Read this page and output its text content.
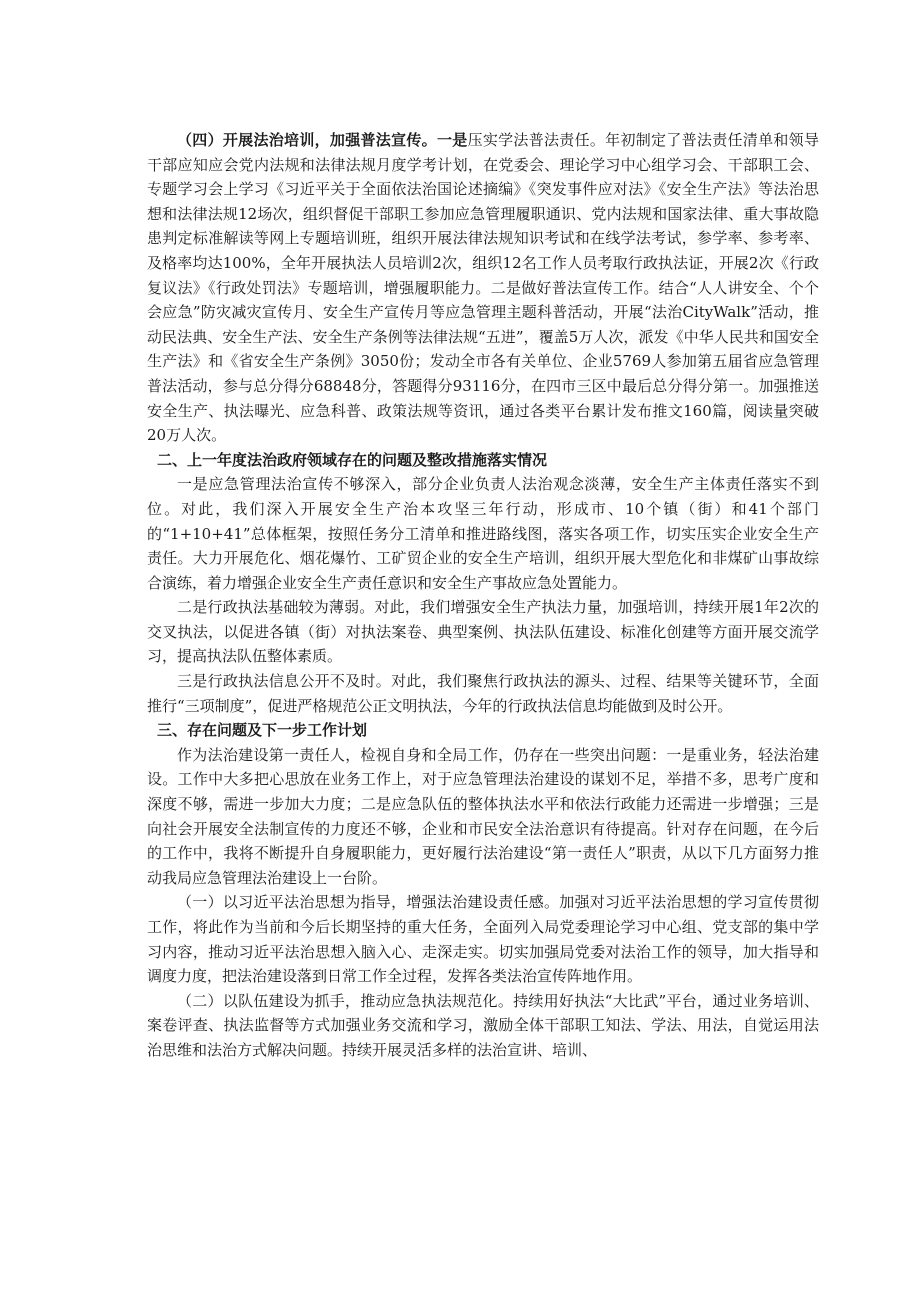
（四）开展法治培训，加强普法宣传。一是压实学法普法责任。年初制定了普法责任清单和领导干部应知应会党内法规和法律法规月度学考计划，在党委会、理论学习中心组学习会、干部职工会、专题学习会上学习《习近平关于全面依法治国论述摘编》《突发事件应对法》《安全生产法》等法治思想和法律法规12场次，组织督促干部职工参加应急管理履职通识、党内法规和国家法律、重大事故隐患判定标准解读等网上专题培训班，组织开展法律法规知识考试和在线学法考试，参学率、参考率、及格率均达100%，全年开展执法人员培训2次，组织12名工作人员考取行政执法证，开展2次《行政复议法》《行政处罚法》专题培训，增强履职能力。二是做好普法宣传工作。结合“人人讲安全、个个会应急”防灾减灾宣传月、安全生产宣传月等应急管理主题科普活动，开展“法治CityWalk”活动，推动民法典、安全生产法、安全生产条例等法律法规“五进”，覆盖5万人次，派发《中华人民共和国安全生产法》和《省安全生产条例》3050份；发动全市各有关单位、企业5769人参加第五届省应急管理普法活动，参与总分得分68848分，答题得分93116分，在四市三区中最后总分得分第一。加强推送安全生产、执法曝光、应急科普、政策法规等资讯，通过各类平台累计发布推文160篇，阅读量突破20万人次。

二、上一年度法治政府领域存在的问题及整改措施落实情况

一是应急管理法治宣传不够深入，部分企业负责人法治观念淡薄，安全生产主体责任落实不到位。对此，我们深入开展安全生产治本攻坚三年行动，形成市、10个镇（街）和41个部门的“1+10+41”总体框架，按照任务分工清单和推进路线图，落实各项工作，切实压实企业安全生产责任。大力开展危化、烟花爆竹、工矿贸企业的安全生产培训，组织开展大型危化和非煤矿山事故综合演练，着力增强企业安全生产责任意识和安全生产事故应急处置能力。

二是行政执法基础较为薄弱。对此，我们增强安全生产执法力量，加强培训，持续开展1年2次的交叉执法，以促进各镇（街）对执法案卷、典型案例、执法队伍建设、标准化创建等方面开展交流学习，提高执法队伍整体素质。

三是行政执法信息公开不及时。对此，我们聚焦行政执法的源头、过程、结果等关键环节，全面推行“三项制度”，促进严格规范公正文明执法，今年的行政执法信息均能做到及时公开。

三、存在问题及下一步工作计划

作为法治建设第一责任人，检视自身和全局工作，仍存在一些突出问题：一是重业务，轻法治建设。工作中大多把心思放在业务工作上，对于应急管理法治建设的谋划不足，举措不多，思考广度和深度不够，需进一步加大力度；二是应急队伍的整体执法水平和依法行政能力还需进一步增强；三是向社会开展安全法制宣传的力度还不够，企业和市民安全法治意识有待提高。针对存在问题，在今后的工作中，我将不断提升自身履职能力，更好履行法治建设“第一责任人”职责，从以下几方面努力推动我局应急管理法治建设上一台阶。

（一）以习近平法治思想为指导，增强法治建设责任感。加强对习近平法治思想的学习宣传贯彻工作，将此作为当前和今后长期坚持的重大任务，全面列入局党委理论学习中心组、党支部的集中学习内容，推动习近平法治思想入脑入心、走深走实。切实加强局党委对法治工作的领导，加大指导和调度力度，把法治建设落到日常工作全过程，发挥各类法治宣传阵地作用。

（二）以队伍建设为抓手，推动应急执法规范化。持续用好执法“大比武”平台，通过业务培训、案卷评查、执法监督等方式加强业务交流和学习，激励全体干部职工知法、学法、用法，自觉运用法治思维和法治方式解决问题。持续开展灵活多样的法治宣讲、培训、
